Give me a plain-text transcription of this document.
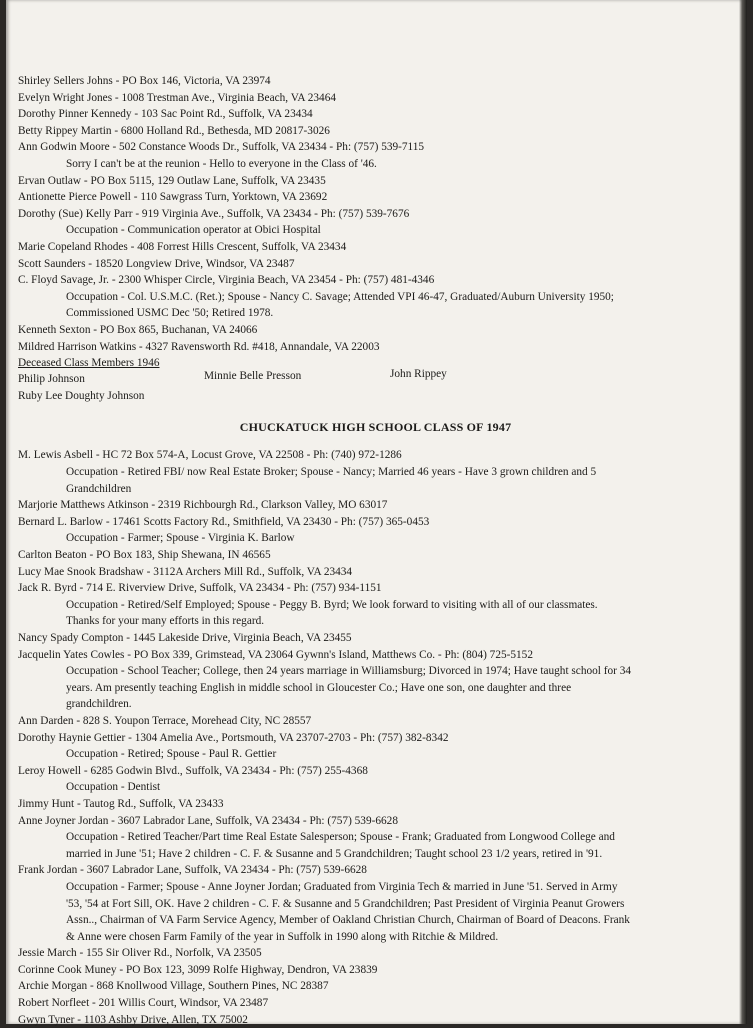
Shirley Sellers Johns - PO Box 146, Victoria, VA 23974
Evelyn Wright Jones - 1008 Trestman Ave., Virginia Beach, VA 23464
Dorothy Pinner Kennedy - 103 Sac Point Rd., Suffolk, VA 23434
Betty Rippey Martin - 6800 Holland Rd., Bethesda, MD 20817-3026
Ann Godwin Moore - 502 Constance Woods Dr., Suffolk, VA 23434 - Ph: (757) 539-7115
Sorry I can't be at the reunion - Hello to everyone in the Class of '46.
Ervan Outlaw - PO Box 5115, 129 Outlaw Lane, Suffolk, VA 23435
Antionette Pierce Powell - 110 Sawgrass Turn, Yorktown, VA 23692
Dorothy (Sue) Kelly Parr - 919 Virginia Ave., Suffolk, VA 23434 - Ph: (757) 539-7676
Occupation - Communication operator at Obici Hospital
Marie Copeland Rhodes - 408 Forrest Hills Crescent, Suffolk, VA 23434
Scott Saunders - 18520 Longview Drive, Windsor, VA 23487
C. Floyd Savage, Jr. - 2300 Whisper Circle, Virginia Beach, VA 23454 - Ph: (757) 481-4346
Occupation - Col. U.S.M.C. (Ret.); Spouse - Nancy C. Savage; Attended VPI 46-47, Graduated/Auburn University 1950;
Commissioned USMC Dec '50; Retired 1978.
Kenneth Sexton - PO Box 865, Buchanan, VA 24066
Mildred Harrison Watkins - 4327 Ravensworth Rd. #418, Annandale, VA 22003
Deceased Class Members 1946
Philip Johnson	Minnie Belle Presson	John Rippey
Ruby Lee Doughty Johnson
CHUCKATUCK HIGH SCHOOL CLASS OF 1947
M. Lewis Asbell - HC 72 Box 574-A, Locust Grove, VA 22508 - Ph: (740) 972-1286
Occupation - Retired FBI/ now Real Estate Broker; Spouse - Nancy; Married 46 years - Have 3 grown children and 5
Grandchildren
Marjorie Matthews Atkinson - 2319 Richbourgh Rd., Clarkson Valley, MO 63017
Bernard L. Barlow - 17461 Scotts Factory Rd., Smithfield, VA 23430 - Ph: (757) 365-0453
Occupation - Farmer; Spouse - Virginia K. Barlow
Carlton Beaton - PO Box 183, Ship Shewana, IN 46565
Lucy Mae Snook Bradshaw - 3112A Archers Mill Rd., Suffolk, VA 23434
Jack R. Byrd - 714 E. Riverview Drive, Suffolk, VA 23434 - Ph: (757) 934-1151
Occupation - Retired/Self Employed; Spouse - Peggy B. Byrd; We look forward to visiting with all of our classmates.
Thanks for your many efforts in this regard.
Nancy Spady Compton - 1445 Lakeside Drive, Virginia Beach, VA 23455
Jacquelin Yates Cowles - PO Box 339, Grimstead, VA 23064 Gywnn's Island, Matthews Co. - Ph: (804) 725-5152
Occupation - School Teacher; College, then 24 years marriage in Williamsburg; Divorced in 1974; Have taught school for 34
years. Am presently teaching English in middle school in Gloucester Co.; Have one son, one daughter and three
grandchildren.
Ann Darden - 828 S. Youpon Terrace, Morehead City, NC 28557
Dorothy Haynie Gettier - 1304 Amelia Ave., Portsmouth, VA 23707-2703 - Ph: (757) 382-8342
Occupation - Retired; Spouse - Paul R. Gettier
Leroy Howell - 6285 Godwin Blvd., Suffolk, VA 23434 - Ph: (757) 255-4368
Occupation - Dentist
Jimmy Hunt - Tautog Rd., Suffolk, VA 23433
Anne Joyner Jordan - 3607 Labrador Lane, Suffolk, VA 23434 - Ph: (757) 539-6628
Occupation - Retired Teacher/Part time Real Estate Salesperson; Spouse - Frank; Graduated from Longwood College and
married in June '51; Have 2 children - C. F. & Susanne and 5 Grandchildren; Taught school 23 1/2 years, retired in '91.
Frank Jordan - 3607 Labrador Lane, Suffolk, VA 23434 - Ph: (757) 539-6628
Occupation - Farmer; Spouse - Anne Joyner Jordan; Graduated from Virginia Tech & married in June '51. Served in Army
'53, '54 at Fort Sill, OK. Have 2 children - C. F. & Susanne and 5 Grandchildren; Past President of Virginia Peanut Growers
Assn.., Chairman of VA Farm Service Agency, Member of Oakland Christian Church, Chairman of Board of Deacons. Frank
& Anne were chosen Farm Family of the year in Suffolk in 1990 along with Ritchie & Mildred.
Jessie March - 155 Sir Oliver Rd., Norfolk, VA 23505
Corinne Cook Muney - PO Box 123, 3099 Rolfe Highway, Dendron, VA 23839
Archie Morgan - 868 Knollwood Village, Southern Pines, NC 28387
Robert Norfleet - 201 Willis Court, Windsor, VA 23487
Gwyn Tyner - 1103 Ashby Drive, Allen, TX 75002
